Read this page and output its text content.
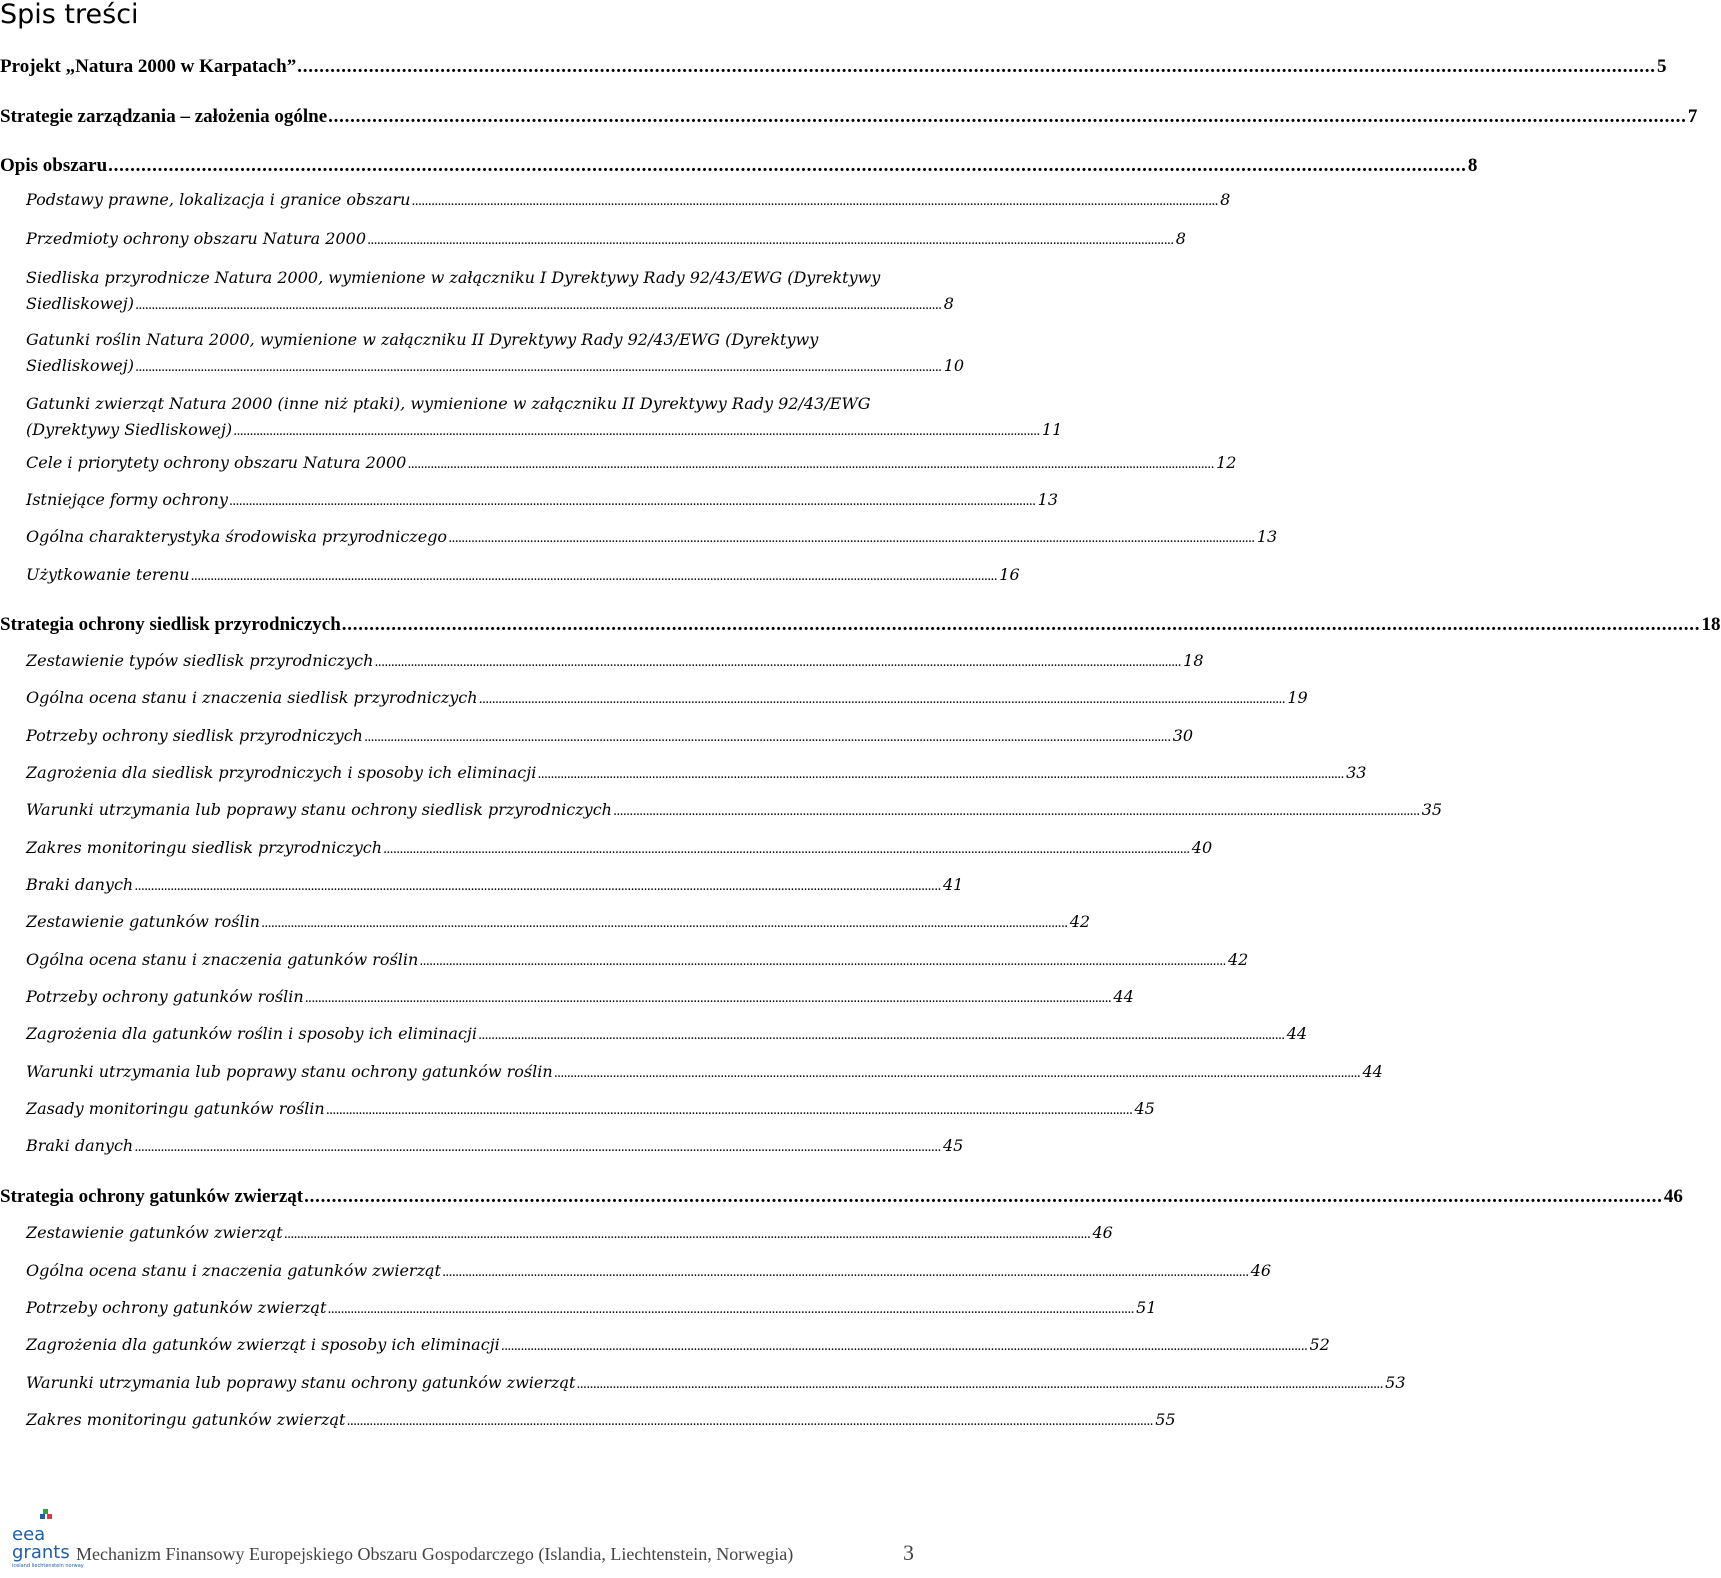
Spis treści
Projekt „Natura 2000 w Karpatach” . . .	5
Strategie zarządzania – założenia ogólne . . .	7
Opis obszaru . . .	8
Podstawy prawne, lokalizacja i granice obszaru . . .	8
Przedmioty ochrony obszaru Natura 2000 . . .	8
Siedliska przyrodnicze Natura 2000, wymienione w załączniku I Dyrektywy Rady 92/43/EWG (Dyrektywy
Siedliskowej) . . .	8
Gatunki roślin Natura 2000, wymienione w załączniku II Dyrektywy Rady 92/43/EWG (Dyrektywy
Siedliskowej) . . .	10
Gatunki zwierząt Natura 2000 (inne niż ptaki), wymienione w załączniku II Dyrektywy Rady 92/43/EWG
(Dyrektywy Siedliskowej) . . .	11
Cele i priorytety ochrony obszaru Natura 2000 . . .	12
Istniejące formy ochrony . . .	13
Ogólna charakterystyka środowiska przyrodniczego . . .	13
Użytkowanie terenu . . .	16
Strategia ochrony siedlisk przyrodniczych . . .	18
Zestawienie typów siedlisk przyrodniczych . . .	18
Ogólna ocena stanu i znaczenia siedlisk przyrodniczych . . .	19
Potrzeby ochrony siedlisk przyrodniczych . . .	30
Zagrożenia dla siedlisk przyrodniczych i sposoby ich eliminacji . . .	33
Warunki utrzymania lub poprawy stanu ochrony siedlisk przyrodniczych . . .	35
Zakres monitoringu siedlisk przyrodniczych . . .	40
Braki danych . . .	41
Zestawienie gatunków roślin . . .	42
Ogólna ocena stanu i znaczenia gatunków roślin . . .	42
Potrzeby ochrony gatunków roślin . . .	44
Zagrożenia dla gatunków roślin i sposoby ich eliminacji . . .	44
Warunki utrzymania lub poprawy stanu ochrony gatunków roślin . . .	44
Zasady monitoringu gatunków roślin . . .	45
Braki danych . . .	45
Strategia ochrony gatunków zwierząt . . .	46
Zestawienie gatunków zwierząt . . .	46
Ogólna ocena stanu i znaczenia gatunków zwierząt . . .	46
Potrzeby ochrony gatunków zwierząt . . .	51
Zagrożenia dla gatunków zwierząt i sposoby ich eliminacji . . .	52
Warunki utrzymania lub poprawy stanu ochrony gatunków zwierząt . . .	53
Zakres monitoringu gatunków zwierząt . . .	55
eea
grants
iceland liechtenstein norway
Mechanizm Finansowy Europejskiego Obszaru Gospodarczego (Islandia, Liechtenstein, Norwegia)	3
